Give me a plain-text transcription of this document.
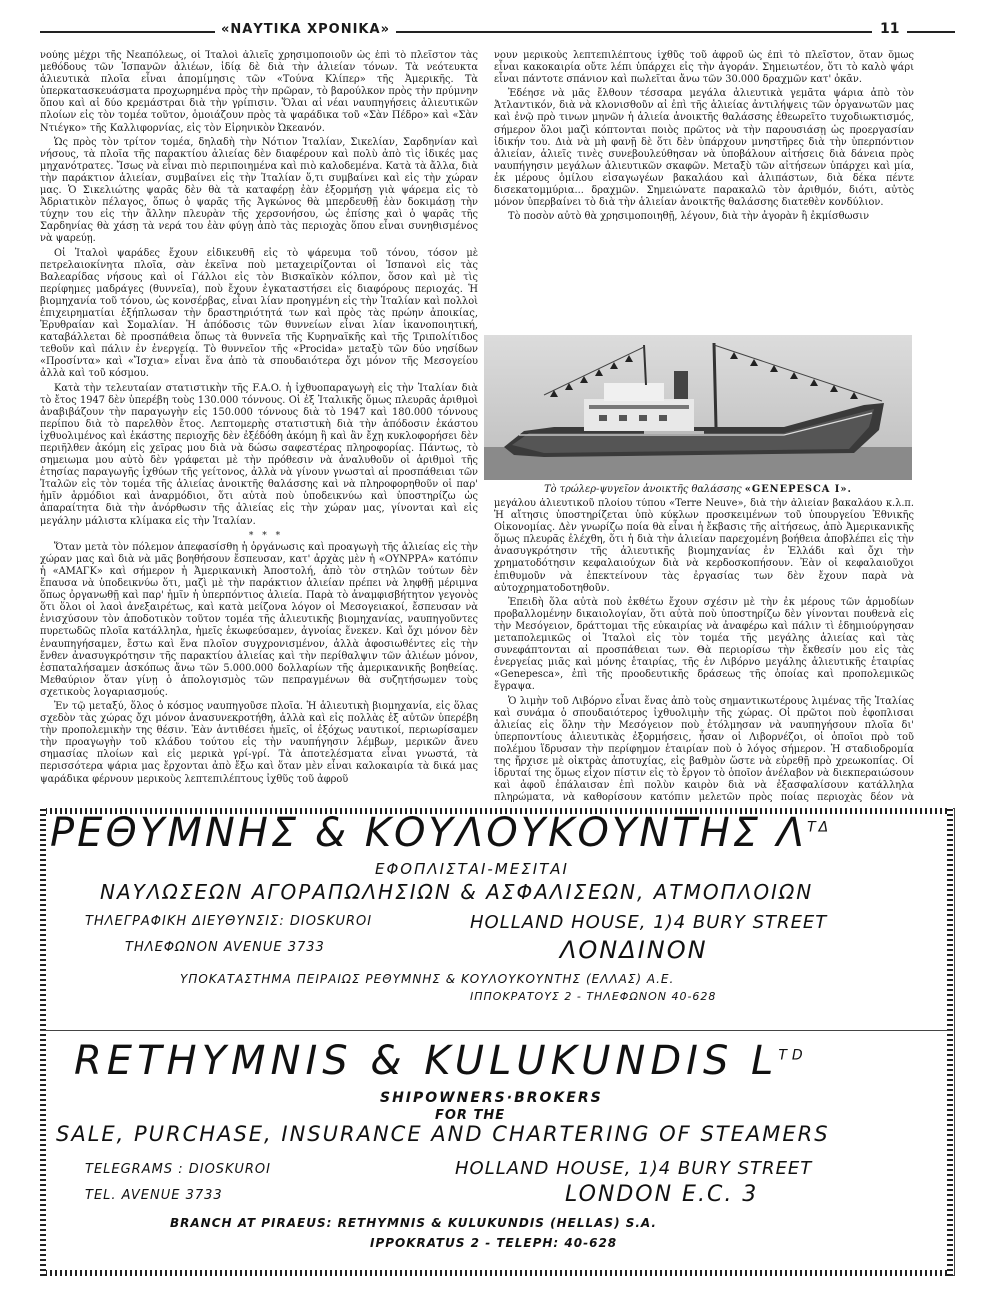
«ΝΑΥΤΙΚΑ ΧΡΟΝΙΚΑ»	11

νούης μέχρι τῆς Νεαπόλεως, οἱ Ἰταλοὶ ἁλιεῖς χρησιμοποιοῦν ὡς ἐπὶ τὸ πλεῖστον τὰς μεθόδους τῶν Ἰσπανῶν ἁλιέων, ἰδίᾳ δὲ διὰ τὴν ἁλιείαν τόνων. Τὰ νεότευκτα ἁλιευτικὰ πλοῖα εἶναι ἀπομίμησις τῶν «Τούνα Κλίπερ» τῆς Ἀμερικῆς. Τὰ ὑπερκατασκευάσματα προχωρημένα πρὸς τὴν πρῶραν, τὸ βαρούλκον πρὸς τὴν πρύμνην ὅπου καὶ αἱ δύο κρεμάστραι διὰ τὴν γρίπισιν. Ὅλαι αἱ νέαι ναυπηγήσεις ἁλιευτικῶν πλοίων εἰς τὸν τομέα τοῦτον, ὁμοιάζουν πρὸς τὰ ψαράδικα τοῦ «Σὰν Πέδρο» καὶ «Σὰν Ντιέγκο» τῆς Καλλιφορνίας, εἰς τὸν Εἰρηνικὸν Ὠκεανόν.

Ὡς πρὸς τὸν τρίτον τομέα, δηλαδὴ τὴν Νότιον Ἰταλίαν, Σικελίαν, Σαρδηνίαν καὶ νήσους, τὰ πλοῖα τῆς παρακτίου ἁλιείας δὲν διαφέρουν καὶ πολὺ ἀπὸ τὶς ἰδικές μας μηχανότρατες. Ἴσως νὰ εἶναι πιὸ περιποιημένα καὶ πιὸ καλοδεμένα. Κατὰ τὰ ἄλλα, διὰ τὴν παράκτιον ἁλιείαν, συμβαίνει εἰς τὴν Ἰταλίαν ὅ,τι συμβαίνει καὶ εἰς τὴν χώραν μας. Ὁ Σικελιώτης ψαρᾶς δὲν θὰ τὰ καταφέρῃ ἐὰν ἐξορμήσῃ γιὰ ψάρεμα εἰς τὸ Ἀδριατικὸν πέλαγος, ὅπως ὁ ψαρᾶς τῆς Ἀγκώνος θὰ μπερδευθῇ ἐὰν δοκιμάσῃ τὴν τύχην του εἰς τὴν ἄλλην πλευρὰν τῆς χερσονήσου, ὡς ἐπίσης καὶ ὁ ψαρᾶς τῆς Σαρδηνίας θὰ χάσῃ τὰ νερά του ἐὰν φύγῃ ἀπὸ τὰς περιοχὰς ὅπου εἶναι συνηθισμένος νὰ ψαρεύῃ.

Οἱ Ἰταλοὶ ψαράδες ἔχουν εἰδικευθῆ εἰς τὸ ψάρευμα τοῦ τόνου, τόσον μὲ πετρελαιοκίνητα πλοῖα, σὰν ἐκεῖνα ποὺ μεταχειρίζονται οἱ Ἰσπανοὶ εἰς τὰς Βαλεαρίδας νήσους καὶ οἱ Γάλλοι εἰς τὸν Βισκαϊκὸν κόλπον, ὅσον καὶ μὲ τὶς περίφημες μαδράγες (θυννεῖα), ποὺ ἔχουν ἐγκαταστήσει εἰς διαφόρους περιοχάς. Ἡ βιομηχανία τοῦ τόνου, ὡς κονσέρβας, εἶναι λίαν προηγμένη εἰς τὴν Ἰταλίαν καὶ πολλοὶ ἐπιχειρηματίαι ἐξήπλωσαν τὴν δραστηριότητά των καὶ πρὸς τὰς πρώην ἀποικίας, Ἐρυθραίαν καὶ Σομαλίαν. Ἡ ἀπόδοσις τῶν θυννείων εἶναι λίαν ἱκανοποιητική, καταβάλλεται δὲ προσπάθεια ὅπως τὰ θυννεῖα τῆς Κυρηναϊκῆς καὶ τῆς Τριπολίτιδος τεθοῦν καὶ πάλιν ἐν ἐνεργείᾳ. Τὸ θυννεῖον τῆς «Procida» μεταξὺ τῶν δύο νησίδων «Προσίντα» καὶ «Ἴσχια» εἶναι ἕνα ἀπὸ τὰ σπουδαιότερα ὄχι μόνον τῆς Μεσογείου ἀλλὰ καὶ τοῦ κόσμου.

Κατὰ τὴν τελευταίαν στατιστικὴν τῆς F.A.O. ἡ ἰχθυοπαραγωγὴ εἰς τὴν Ἰταλίαν διὰ τὸ ἔτος 1947 δὲν ὑπερέβη τοὺς 130.000 τόννους. Οἱ ἐξ Ἰταλικῆς ὅμως πλευρᾶς ἀριθμοὶ ἀναβιβάζουν τὴν παραγωγὴν εἰς 150.000 τόννους διὰ τὸ 1947 καὶ 180.000 τόννους περίπου διὰ τὸ παρελθὸν ἔτος. Λεπτομερὴς στατιστικὴ διὰ τὴν ἀπόδοσιν ἑκάστου ἰχθυολιμένος καὶ ἑκάστης περιοχῆς δὲν ἐξέδόθη ἀκόμη ἢ καὶ ἂν ἔχῃ κυκλοφορήσει δὲν περιῆλθεν ἀκόμη εἰς χεῖρας μου διὰ νὰ δώσω σαφεστέρας πληροφορίας. Πάντως, τὸ σημειωμα μου αὐτὸ δὲν γράφεται μὲ τὴν πρόθεσιν νὰ ἀναλυθοῦν οἱ ἀριθμοὶ τῆς ἐτησίας παραγωγῆς ἰχθύων τῆς γείτονος, ἀλλὰ νὰ γίνουν γνωσταὶ αἱ προσπάθειαι τῶν Ἰταλῶν εἰς τὸν τομέα τῆς ἁλιείας ἀνοικτῆς θαλάσσης καὶ νὰ πληροφορηθοῦν οἱ παρ' ἡμῖν ἁρμόδιοι καὶ ἀναρμόδιοι, ὅτι αὐτὰ ποὺ ὑποδεικνύω καὶ ὑποστηρίζω ὡς ἀπαραίτητα διὰ τὴν ἀνόρθωσιν τῆς ἁλιείας εἰς τὴν χώραν μας, γίνονται καὶ εἰς μεγάλην μάλιστα κλίμακα εἰς τὴν Ἰταλίαν.

* * *

Ὅταν μετὰ τὸν πόλεμον ἀπεφασίσθη ἡ ὀργάνωσις καὶ προαγωγὴ τῆς ἁλιείας εἰς τὴν χώραν μας καὶ διὰ νὰ μᾶς βοηθήσουν ἔσπευσαν, κατ' ἀρχὰς μὲν ἡ «ΟΥΝΡΡΑ» κατόπιν ἡ «ΑΜΑΓΚ» καὶ σήμερον ἡ Ἀμερικανικὴ Ἀποστολή, ἀπὸ τὸν στηλῶν τούτων δὲν ἔπαυσα νὰ ὑποδεικνύω ὅτι, μαζὶ μὲ τὴν παράκτιον ἁλιείαν πρέπει νὰ ληφθῇ μέριμνα ὅπως ὀργανωθῇ καὶ παρ' ἡμῖν ἡ ὑπερπόντιος ἁλιεία. Παρὰ τὸ ἀναμφισβήτητον γεγονὸς ὅτι ὅλοι οἱ λαοὶ ἀνεξαιρέτως, καὶ κατὰ μείζονα λόγον οἱ Μεσογειακοί, ἔσπευσαν νὰ ἐνισχύσουν τὸν ἀποδοτικὸν τοῦτον τομέα τῆς ἁλιευτικῆς βιομηχανίας, ναυπηγοῦντες πυρετωδῶς πλοῖα κατάλληλα, ἡμεῖς ἐκωφεύσαμεν, ἀγνοίας ἕνεκεν. Καὶ ὄχι μόνον δὲν ἐναυπηγήσαμεν, ἔστω καὶ ἕνα πλοῖον συγχρονισμένον, ἀλλὰ ἀφοσιωθέντες εἰς τὴν ἔνθεν ἀνασυγκρότησιν τῆς παρακτίου ἁλιείας καὶ τὴν περίθαλψιν τῶν ἁλιέων μόνον, ἐσπαταλήσαμεν ἀσκόπως ἄνω τῶν 5.000.000 δολλαρίων τῆς ἀμερικανικῆς βοηθείας. Μεθαύριον ὅταν γίνῃ ὁ ἀπολογισμὸς τῶν πεπραγμένων θὰ συζητήσωμεν τοὺς σχετικοὺς λογαριασμούς.

Ἐν τῷ μεταξύ, ὅλος ὁ κόσμος ναυπηγοῦσε πλοῖα. Ἡ ἁλιευτικὴ βιομηχανία, εἰς ὅλας σχεδὸν τὰς χώρας ὄχι μόνον ἀνασυνεκροτήθη, ἀλλὰ καὶ εἰς πολλὰς ἐξ αὐτῶν ὑπερέβη τὴν προπολεμικὴν της θέσιν. Ἐὰν ἀντιθέσει ἡμεῖς, οἱ ἐξόχως ναυτικοί, περιωρίσαμεν τὴν προαγωγὴν τοῦ κλάδου τούτου εἰς τὴν ναυπήγησιν λέμβων, μερικῶν ἄνευ σημασίας πλοίων καὶ εἰς μερικὰ γρί-γρί. Τὰ ἀποτελέσματα εἶναι γνωστά, τὰ περισσότερα ψάρια μας ἔρχονται ἀπὸ ἔξω καὶ ὅταν μὲν εἶναι καλοκαιρία τὰ δικά μας ψαράδικα φέρνουν μερικοὺς λεπτεπιλέπτους ἰχθῦς τοῦ ἀφροῦ

νουν μερικοὺς λεπτεπιλέπτους ἰχθῦς τοῦ ἀφροῦ ὡς ἐπὶ τὸ πλεῖστον, ὅταν ὅμως εἶναι κακοκαιρία οὔτε λέπι ὑπάρχει εἰς τὴν ἀγοράν. Σημειωτέον, ὅτι τὸ καλὸ ψάρι εἶναι πάντοτε σπάνιον καὶ πωλεῖται ἄνω τῶν 30.000 δραχμῶν κατ' ὀκᾶν.

Ἐδέησε νὰ μᾶς ἔλθουν τέσσαρα μεγάλα ἁλιευτικὰ γεμᾶτα ψάρια ἀπὸ τὸν Ἀτλαντικόν, διὰ νὰ κλονισθοῦν αἱ ἐπὶ τῆς ἁλιείας ἀντιλήψεις τῶν ὀργανωτῶν μας καὶ ἐνῷ πρὸ τινων μηνῶν ἡ ἁλιεία ἀνοικτῆς θαλάσσης ἐθεωρεῖτο τυχοδιωκτισμός, σήμερον ὅλοι μαζὶ κόπτονται ποιὸς πρῶτος νὰ τὴν παρουσιάσῃ ὡς προεργασίαν ἰδικήν του. Διὰ νὰ μὴ φανῇ δὲ ὅτι δὲν ὑπάρχουν μνηστῆρες διὰ τὴν ὑπερπόντιον ἁλιείαν, ἁλιεῖς τινὲς συνεβουλεύθησαν νὰ ὑποβάλουν αἰτήσεις διὰ δάνεια πρὸς ναυπήγησιν μεγάλων ἁλιευτικῶν σκαφῶν. Μεταξὺ τῶν αἰτήσεων ὑπάρχει καὶ μία, ἐκ μέρους ὁμίλου εἰσαγωγέων βακαλάου καὶ ἁλιπάστων, διὰ δέκα πέντε δισεκατομμύρια... δραχμῶν. Σημειώνατε παρακαλῶ τὸν ἀριθμόν, διότι, αὐτὸς μόνον ὑπερβαίνει τὸ διὰ τὴν ἁλιείαν ἀνοικτῆς θαλάσσης διατεθὲν κονδύλιον.

Τὸ ποσὸν αὐτὸ θὰ χρησιμοποιηθῇ, λέγουν, διὰ τὴν ἀγορὰν ἢ ἐκμίσθωσιν

Τὸ τρώλερ-ψυγεῖον ἀνοικτῆς θαλάσσης «GENEPESCA I».

μεγάλου ἁλιευτικοῦ πλοίου τύπου «Terre Neuve», διὰ τὴν ἁλιείαν βακαλάου κ.λ.π. Ἡ αἴτησις ὑποστηρίζεται ὑπὸ κύκλων προσκειμένων τοῦ ὑπουργείου Ἐθνικῆς Οἰκονομίας. Δὲν γνωρίζω ποία θὰ εἶναι ἡ ἔκβασις τῆς αἰτήσεως, ἀπὸ Ἀμερικανικῆς ὅμως πλευρᾶς ἐλέχθη, ὅτι ἡ διὰ τὴν ἁλιείαν παρεχομένη βοήθεια ἀποβλέπει εἰς τὴν ἀνασυγκρότησιν τῆς ἁλιευτικῆς βιομηχανίας ἐν Ἑλλάδι καὶ ὄχι τὴν χρηματοδότησιν κεφαλαιούχων διὰ νὰ κερδοσκοπήσουν. Ἐὰν οἱ κεφαλαιοῦχοι ἐπιθυμοῦν νὰ ἐπεκτείνουν τὰς ἐργασίας των δὲν ἔχουν παρὰ νὰ αὐτοχρηματοδοτηθοῦν.

Ἐπειδὴ ὅλα αὐτὰ ποὺ ἐκθέτω ἔχουν σχέσιν μὲ τὴν ἐκ μέρους τῶν ἁρμοδίων προβαλλομένην δικαιολογίαν, ὅτι αὐτὰ ποὺ ὑποστηρίζω δὲν γίνονται πουθενὰ εἰς τὴν Μεσόγειον, δράττομαι τῆς εὐκαιρίας νὰ ἀναφέρω καὶ πάλιν τὶ ἐδημιούργησαν μεταπολεμικῶς οἱ Ἰταλοὶ εἰς τὸν τομέα τῆς μεγάλης ἁλιείας καὶ τὰς συνεφάπτονται αἱ προσπάθειαι των. Θὰ περιορίσω τὴν ἔκθεσίν μου εἰς τὰς ἐνεργείας μιᾶς καὶ μόνης ἑταιρίας, τῆς ἐν Λιβόρνο μεγάλης ἁλιευτικῆς ἑταιρίας «Genepesca», ἐπὶ τῆς προοδευτικῆς δράσεως τῆς ὁποίας καὶ προπολεμικῶς ἔγραψα.

Ὁ λιμὴν τοῦ Λιβόρνο εἶναι ἕνας ἀπὸ τοὺς σημαντικωτέρους λιμένας τῆς Ἰταλίας καὶ συνάμα ὁ σπουδαιότερος ἰχθυολιμὴν τῆς χώρας. Οἱ πρῶτοι ποὺ ἐφοπλισαι ἁλιείας εἰς ὅλην τὴν Μεσόγειον ποὺ ἐτόλμησαν νὰ ναυπηγήσουν πλοῖα δι' ὑπερποντίους ἁλιευτικὰς ἐξορμήσεις, ἦσαν οἱ Λιβορνέζοι, οἱ ὁποῖοι πρὸ τοῦ πολέμου ἵδρυσαν τὴν περίφημον ἑταιρίαν ποὺ ὁ λόγος σήμερον. Ἡ σταδιοδρομία της ἤρχισε μὲ οἰκτρὰς ἀποτυχίας, εἰς βαθμὸν ὥστε νὰ εὑρεθῇ πρὸ χρεωκοπίας. Οἱ ἱδρυταί της ὅμως εἶχον πίστιν εἰς τὸ ἔργον τὸ ὁποῖον ἀνέλαβον νὰ διεκπεραιώσουν καὶ ἀφοῦ ἐπάλαισαν ἐπὶ πολὺν καιρὸν διὰ νὰ ἐξασφαλίσουν κατάλληλα πληρώματα, νὰ καθορίσουν κατόπιν μελετῶν πρὸς ποίας περιοχὰς δέον νὰ

ΡΕΘΥΜΝΗΣ & ΚΟΥΛΟΥΚΟΥΝΤΗΣ $\Lambda^{T\Delta}$
ΕΦΟΠΛΙΣΤΑΙ-ΜΕΣΙΤΑΙ
ΝΑΥΛΩΣΕΩΝ ΑΓΟΡΑΠΩΛΗΣΙΩΝ & ΑΣΦΑΛΙΣΕΩΝ, ΑΤΜΟΠΛΟΙΩΝ
ΤΗΛΕΓΡΑΦΙΚΗ ΔΙΕΥΘΥΝΣΙΣ: DIOSKUROI
ΤΗΛΕΦΩΝΟΝ AVENUE 3733
HOLLAND HOUSE, 1)4 BURY STREET
ΛΟΝΔΙΝΟΝ
ΥΠΟΚΑΤΑΣΤΗΜΑ ΠΕΙΡΑΙΩΣ ΡΕΘΥΜΝΗΣ & ΚΟΥΛΟΥΚΟΥΝΤΗΣ (ΕΛΛΑΣ) Α.Ε.
ΙΠΠΟΚΡΑΤΟΥΣ 2 - ΤΗΛΕΦΩΝΟΝ 40-628
RETHYMNIS & KULUKUNDIS $L^{TD}$
SHIPOWNERS·BROKERS
FOR THE
SALE, PURCHASE, INSURANCE AND CHARTERING OF STEAMERS
TELEGRAMS : DIOSKUROI
TEL. AVENUE 3733
HOLLAND HOUSE, 1)4 BURY STREET
LONDON E.C. 3
BRANCH AT PIRAEUS: RETHYMNIS & KULUKUNDIS (HELLAS) S.A.
IPPOKRATUS 2 - TELEPH: 40-628
